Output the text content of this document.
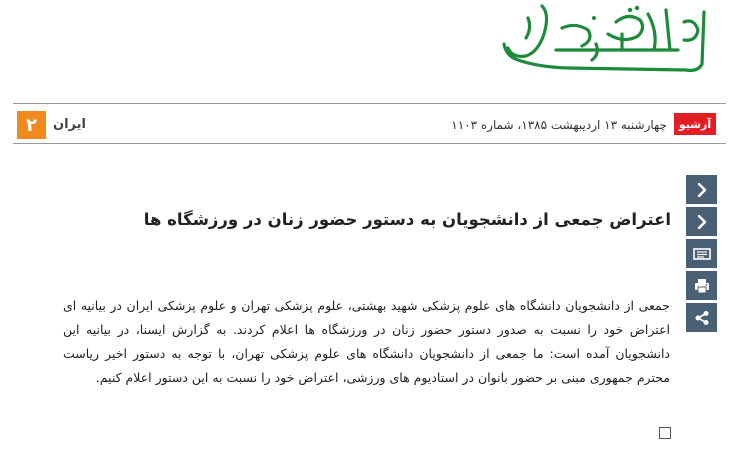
۲	ایران	چهارشنبه ۱۳ اردیبهشت ۱۳۸۵، شماره ۱۱۰۳	آرشیو
اعتراض جمعی از دانشجویان به دستور حضور زنان در ورزشگاه ها

جمعی از دانشجویان دانشگاه های علوم پزشکی شهید بهشتی، علوم پزشکی تهران و علوم پزشکی ایران در بیانیه ای اعتراض خود را نسبت به صدور دستور حضور زنان در ورزشگاه ها اعلام کردند. به گزارش ایسنا، در بیانیه این دانشجویان آمده است: ما جمعی از دانشجویان دانشگاه های علوم پزشکی تهران، با توجه به دستور اخیر ریاست محترم جمهوری مبنی بر حضور بانوان در استادیوم های ورزشی، اعتراض خود را نسبت به این دستور اعلام کنیم.
